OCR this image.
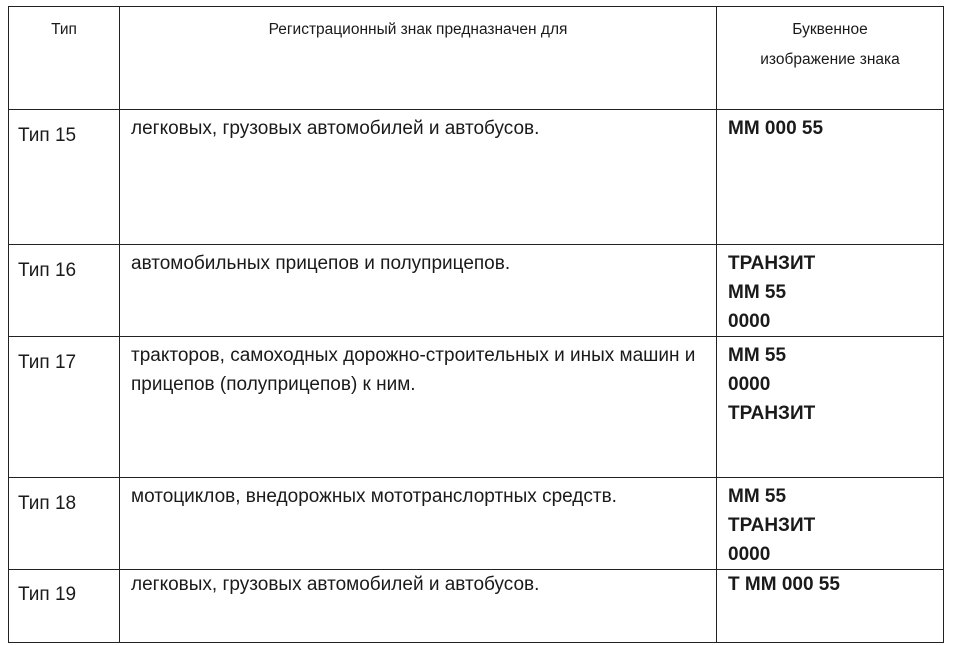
Тип	Регистрационный знак предназначен для	Буквенное
изображение знака

Тип 15	легковых, грузовых автомобилей и автобусов.	ММ 000 55

Тип 16	автомобильных прицепов и полуприцепов.	ТРАНЗИТ
ММ 55
0000

Тип 17	тракторов, самоходных дорожно-строительных и иных машин и прицепов (полуприцепов) к ним.	ММ 55
0000
ТРАНЗИТ

Тип 18	мотоциклов, внедорожных мототранслортных средств.	ММ 55
ТРАНЗИТ
0000

Тип 19	легковых, грузовых автомобилей и автобусов.	Т ММ 000 55
